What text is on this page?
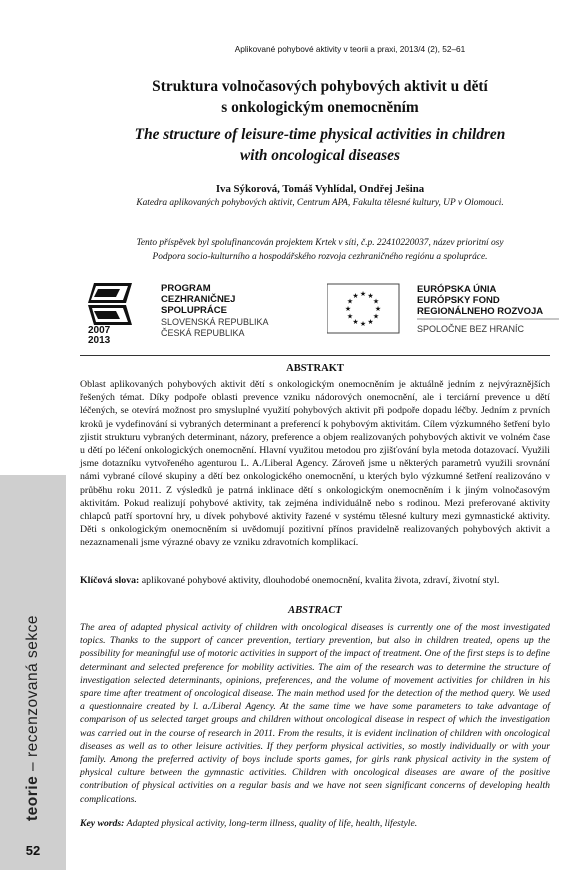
teorie – recenzovaná sekce
52
Aplikované pohybové aktivity v teorii a praxi, 2013/4 (2), 52–61
Struktura volnočasových pohybových aktivit u dětí
s onkologickým onemocněním
The structure of leisure-time physical activities in children
with oncological diseases
Iva Sýkorová, Tomáš Vyhlídal, Ondřej Ješina
Katedra aplikovaných pohybových aktivit, Centrum APA, Fakulta tělesné kultury, UP v Olomouci.
Tento příspěvek byl spolufinancován projektem Krtek v síti, č.p. 22410220037, název prioritní osy
Podpora socio-kulturního a hospodářského rozvoja cezhraničného regiónu a spolupráce.
2007
2013
PROGRAM
CEZHRANIČNEJ
SPOLUPRÁCE
SLOVENSKÁ REPUBLIKA
ČESKÁ REPUBLIKA
★ ★
★
★
★
★
★
★
★
★
★
★
EURÓPSKA ÚNIA
EURÓPSKY FOND
REGIONÁLNEHO ROZVOJA
SPOLOČNE BEZ HRANÍC
ABSTRAKT
Oblast aplikovaných pohybových aktivit dětí s onkologickým onemocněním je aktuálně jedním z nejvýraznějších řešených témat. Díky podpoře oblasti prevence vzniku nádorových onemocnění, ale i terciární prevence u dětí léčených, se otevírá možnost pro smysluplné využití pohybových aktivit při podpoře dopadu léčby. Jedním z prvních kroků je vydefinování si vybraných determinant a preferencí k pohybovým aktivitám. Cílem výzkumného šetření bylo zjistit strukturu vybraných determinant, názory, preference a objem realizovaných pohybových aktivit ve volném čase u dětí po léčení onkologických onemocnění. Hlavní využitou metodou pro zjišťování byla metoda dotazovací. Využili jsme dotazníku vytvořeného agenturou L. A./Liberal Agency. Zároveň jsme u některých parametrů využili srovnání námi vybrané cílové skupiny a dětí bez onkologického onemocnění, u kterých bylo výzkumné šetření realizováno v průběhu roku 2011. Z výsledků je patrná inklinace dětí s onkologickým onemocněním i k jiným volnočasovým aktivitám. Pokud realizují pohybové aktivity, tak zejména individuálně nebo s rodinou. Mezi preferované aktivity chlapců patří sportovní hry, u dívek pohybové aktivity řazené v systému tělesné kultury mezi gymnastické aktivity. Děti s onkologickým onemocněním si uvědomují pozitivní přínos pravidelně realizovaných pohybových aktivit a nezaznamenali jsme výrazné obavy ze vzniku zdravotních komplikací.
Klíčová slova: aplikované pohybové aktivity, dlouhodobé onemocnění, kvalita života, zdraví, životní styl.
ABSTRACT
The area of adapted physical activity of children with oncological diseases is currently one of the most investigated topics. Thanks to the support of cancer prevention, tertiary prevention, but also in children treated, opens up the possibility for meaningful use of motoric activities in support of the impact of treatment. One of the first steps is to define determinant and selected preference for mobility activities. The aim of the research was to determine the structure of investigation selected determinants, opinions, preferences, and the volume of movement activities for children in his spare time after treatment of oncological disease. The main method used for the detection of the method query. We used a questionnaire created by l. a./Liberal Agency. At the same time we have some parameters to take advantage of comparison of us selected target groups and children without oncological disease in respect of which the investigation was carried out in the course of research in 2011. From the results, it is evident inclination of children with oncological diseases as well as to other leisure activities. If they perform physical activities, so mostly individually or with your family. Among the preferred activity of boys include sports games, for girls rank physical activity in the system of physical culture between the gymnastic activities. Children with oncological diseases are aware of the positive contribution of physical activities on a regular basis and we have not seen significant concerns of developing health complications.
Key words: Adapted physical activity, long-term illness, quality of life, health, lifestyle.
